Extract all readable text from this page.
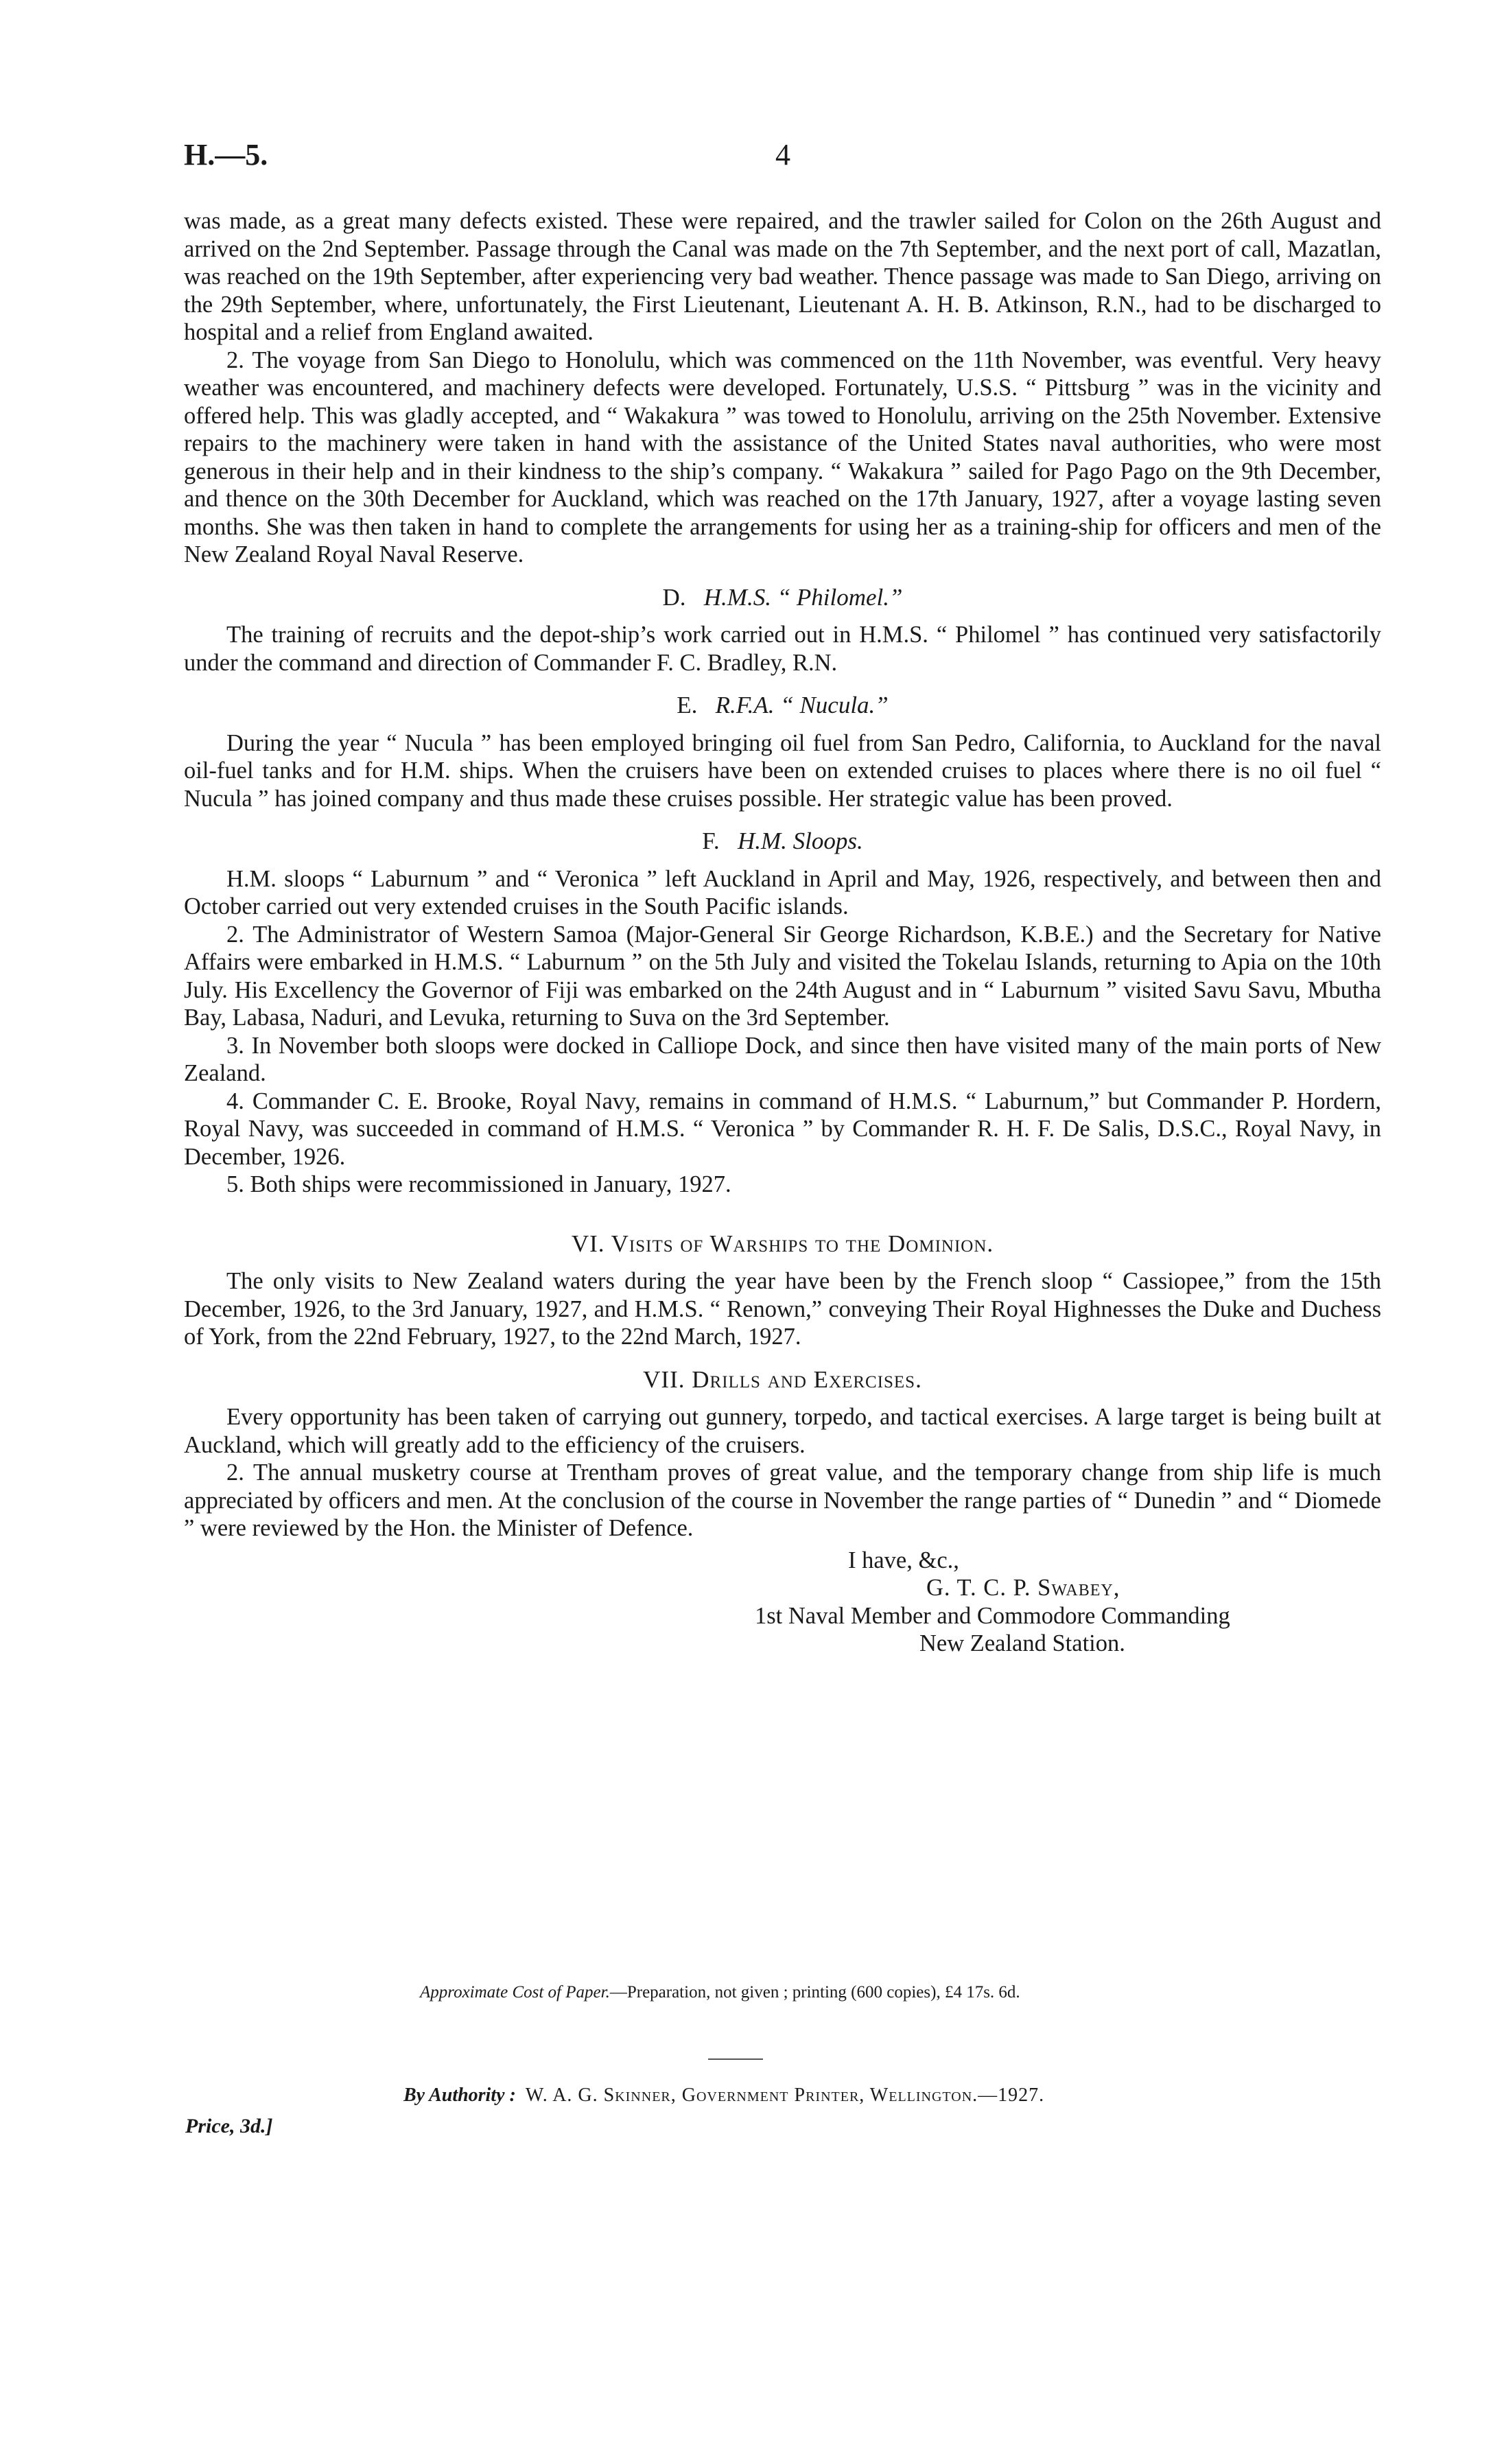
H.—5.	4

was made, as a great many defects existed. These were repaired, and the trawler sailed for Colon on the 26th August and arrived on the 2nd September. Passage through the Canal was made on the 7th September, and the next port of call, Mazatlan, was reached on the 19th September, after experiencing very bad weather. Thence passage was made to San Diego, arriving on the 29th September, where, unfortunately, the First Lieutenant, Lieutenant A. H. B. Atkinson, R.N., had to be discharged to hospital and a relief from England awaited.

2. The voyage from San Diego to Honolulu, which was commenced on the 11th November, was eventful. Very heavy weather was encountered, and machinery defects were developed. Fortunately, U.S.S. “ Pittsburg ” was in the vicinity and offered help. This was gladly accepted, and “ Wakakura ” was towed to Honolulu, arriving on the 25th November. Extensive repairs to the machinery were taken in hand with the assistance of the United States naval authorities, who were most generous in their help and in their kindness to the ship’s company. “ Wakakura ” sailed for Pago Pago on the 9th December, and thence on the 30th December for Auckland, which was reached on the 17th January, 1927, after a voyage lasting seven months. She was then taken in hand to complete the arrangements for using her as a training-ship for officers and men of the New Zealand Royal Naval Reserve.

D. H.M.S. “ Philomel.”

The training of recruits and the depot-ship’s work carried out in H.M.S. “ Philomel ” has continued very satisfactorily under the command and direction of Commander F. C. Bradley, R.N.

E. R.F.A. “ Nucula.”

During the year “ Nucula ” has been employed bringing oil fuel from San Pedro, California, to Auckland for the naval oil-fuel tanks and for H.M. ships. When the cruisers have been on extended cruises to places where there is no oil fuel “ Nucula ” has joined company and thus made these cruises possible. Her strategic value has been proved.

F. H.M. Sloops.

H.M. sloops “ Laburnum ” and “ Veronica ” left Auckland in April and May, 1926, respectively, and between then and October carried out very extended cruises in the South Pacific islands.

2. The Administrator of Western Samoa (Major-General Sir George Richardson, K.B.E.) and the Secretary for Native Affairs were embarked in H.M.S. “ Laburnum ” on the 5th July and visited the Tokelau Islands, returning to Apia on the 10th July. His Excellency the Governor of Fiji was embarked on the 24th August and in “ Laburnum ” visited Savu Savu, Mbutha Bay, Labasa, Naduri, and Levuka, returning to Suva on the 3rd September.

3. In November both sloops were docked in Calliope Dock, and since then have visited many of the main ports of New Zealand.

4. Commander C. E. Brooke, Royal Navy, remains in command of H.M.S. “ Laburnum,” but Commander P. Hordern, Royal Navy, was succeeded in command of H.M.S. “ Veronica ” by Commander R. H. F. De Salis, D.S.C., Royal Navy, in December, 1926.

5. Both ships were recommissioned in January, 1927.

VI. Visits of Warships to the Dominion.

The only visits to New Zealand waters during the year have been by the French sloop “ Cassiopee,” from the 15th December, 1926, to the 3rd January, 1927, and H.M.S. “ Renown,” conveying Their Royal Highnesses the Duke and Duchess of York, from the 22nd February, 1927, to the 22nd March, 1927.

VII. Drills and Exercises.

Every opportunity has been taken of carrying out gunnery, torpedo, and tactical exercises. A large target is being built at Auckland, which will greatly add to the efficiency of the cruisers.

2. The annual musketry course at Trentham proves of great value, and the temporary change from ship life is much appreciated by officers and men. At the conclusion of the course in November the range parties of “ Dunedin ” and “ Diomede ” were reviewed by the Hon. the Minister of Defence.

I have, &c.,
G. T. C. P. Swabey,
1st Naval Member and Commodore Commanding
New Zealand Station.
Approximate Cost of Paper.—Preparation, not given ; printing (600 copies), £4 17s. 6d.
By Authority : W. A. G. Skinner, Government Printer, Wellington.—1927.
Price, 3d.]
